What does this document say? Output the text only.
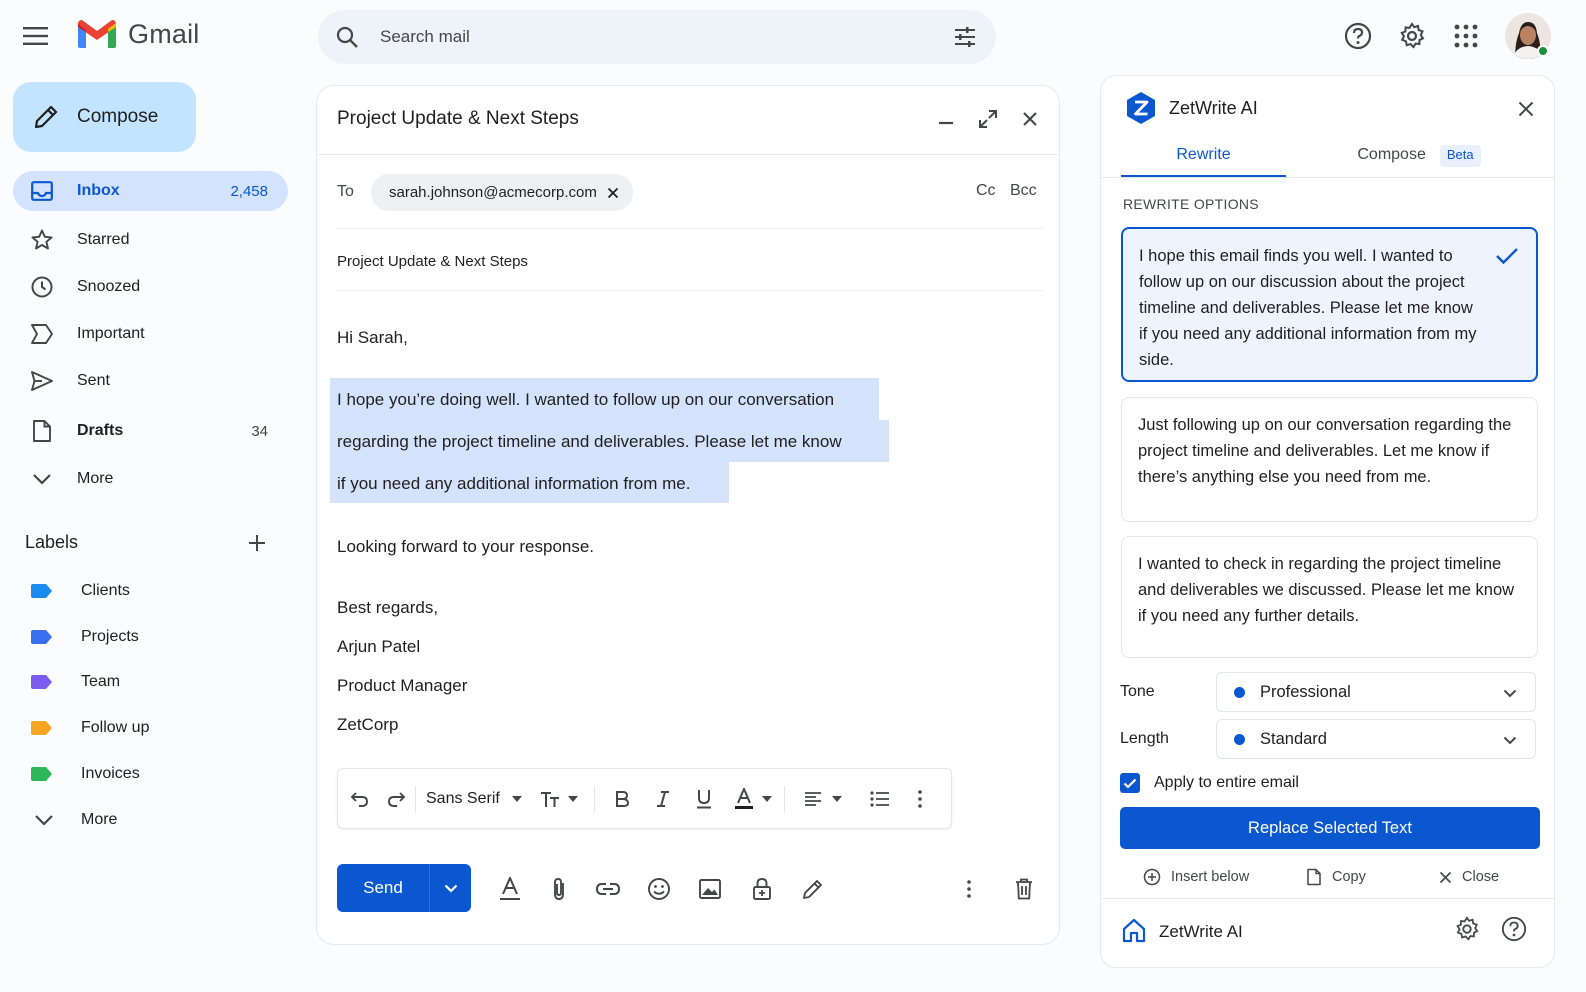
Gmail
Search mail
Compose
Inbox	2,458
Starred
Snoozed
Important
Sent
Drafts	34
More
Labels
Clients
Projects
Team
Follow up
Invoices
More
Project Update & Next Steps
To sarah.johnson@acmecorp.com	Cc Bcc
Project Update & Next Steps
Hi Sarah,
I hope you’re doing well. I wanted to follow up on our conversation
regarding the project timeline and deliverables. Please let me know
if you need any additional information from me.
Looking forward to your response.
Best regards,
Arjun Patel
Product Manager
ZetCorp
Sans Serif
Send
ZetWrite AI
Rewrite	Compose	Beta
REWRITE OPTIONS
I hope this email finds you well. I wanted to follow up on our discussion about the project timeline and deliverables. Please let me know if you need any additional information from my side.
Just following up on our conversation regarding the project timeline and deliverables. Let me know if there’s anything else you need from me.
I wanted to check in regarding the project timeline and deliverables we discussed. Please let me know if you need any further details.
Tone	Professional
Length	Standard
Apply to entire email
Replace Selected Text
Insert below	Copy	Close
ZetWrite AI
